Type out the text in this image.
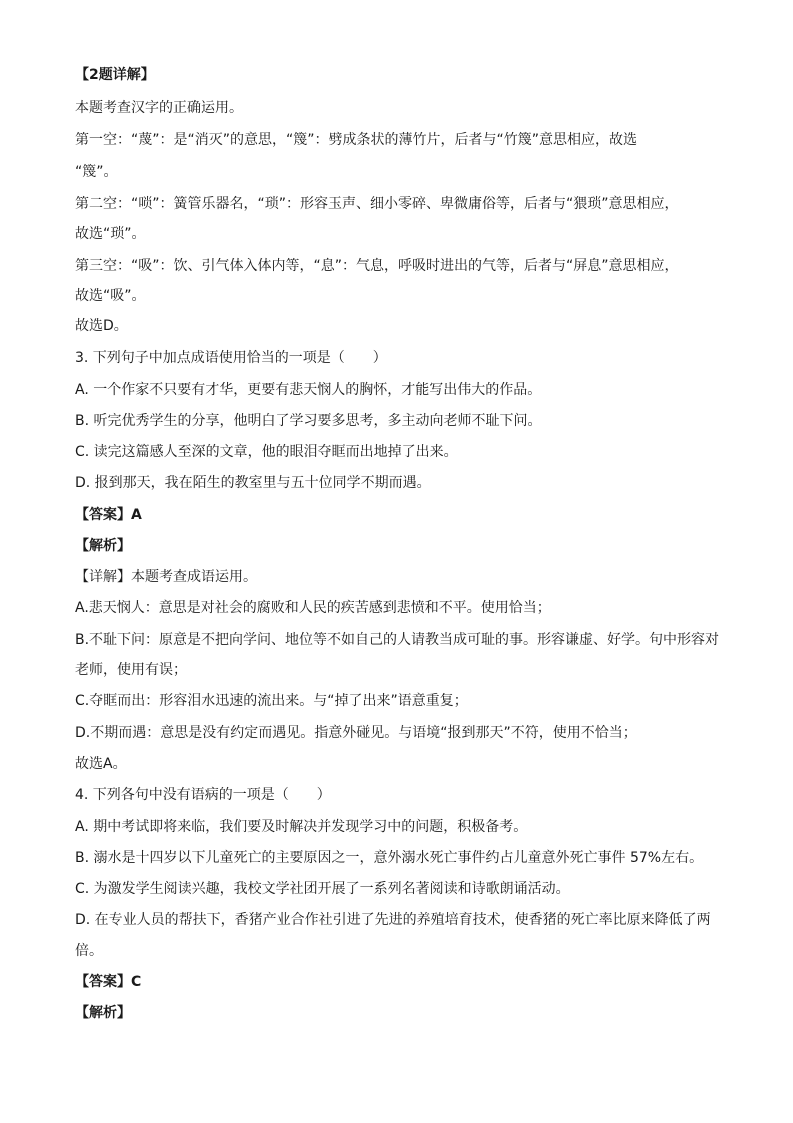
【2题详解】
本题考查汉字的正确运用。
第一空：“蔑”：是“消灭”的意思，“篾”：劈成条状的薄竹片，后者与“竹篾”意思相应，故选
“篾”。
第二空：“唢”：簧管乐器名，“琐”：形容玉声、细小零碎、卑微庸俗等，后者与“猥琐”意思相应，
故选“琐”。
第三空：“吸”：饮、引气体入体内等，“息”：气息，呼吸时进出的气等，后者与“屏息”意思相应，
故选“吸”。
故选D。
3. 下列句子中加点成语使用恰当的一项是（　　）
A. 一个作家不只要有才华，更要有悲天悯人的胸怀，才能写出伟大的作品。
B. 听完优秀学生的分享，他明白了学习要多思考，多主动向老师不耻下问。
C. 读完这篇感人至深的文章，他的眼泪夺眶而出地掉了出来。
D. 报到那天，我在陌生的教室里与五十位同学不期而遇。
【答案】A
【解析】
【详解】本题考查成语运用。
A.悲天悯人：意思是对社会的腐败和人民的疾苦感到悲愤和不平。使用恰当；
B.不耻下问：原意是不把向学问、地位等不如自己的人请教当成可耻的事。形容谦虚、好学。句中形容对
老师，使用有误；
C.夺眶而出：形容泪水迅速的流出来。与“掉了出来”语意重复；
D.不期而遇：意思是没有约定而遇见。指意外碰见。与语境“报到那天”不符，使用不恰当；
故选A。
4. 下列各句中没有语病的一项是（　　）
A. 期中考试即将来临，我们要及时解决并发现学习中的问题，积极备考。
B. 溺水是十四岁以下儿童死亡的主要原因之一，意外溺水死亡事件约占儿童意外死亡事件 57%左右。
C. 为激发学生阅读兴趣，我校文学社团开展了一系列名著阅读和诗歌朗诵活动。
D. 在专业人员的帮扶下，香猪产业合作社引进了先进的养殖培育技术，使香猪的死亡率比原来降低了两
倍。
【答案】C
【解析】
